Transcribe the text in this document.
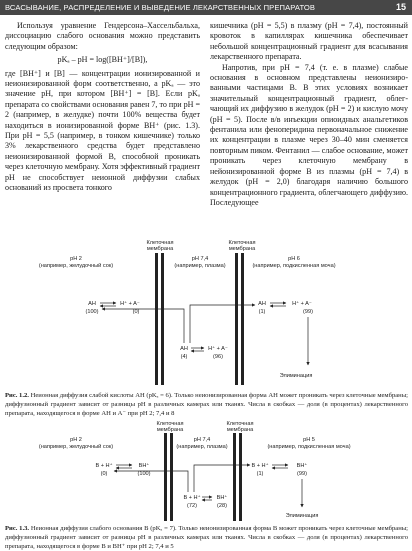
ВСАСЫВАНИЕ, РАСПРЕДЕЛЕНИЕ И ВЫВЕДЕНИЕ ЛЕКАРСТВЕННЫХ ПРЕПАРАТОВ	15

Используя уравнение Гендерсона–Хассельбальха, диссоциацию слабого основания можно представить следующим образом:

pKₐ – pH = log([BH⁺]/[B]),

где [BH⁺] и [B] — концентрации ионизированной и неионизированной форм соответственно, а pKₐ — это значение pH, при котором [BH⁺] = [B]. Если pKₐ препарата со свойствами основания равен 7, то при pH = 2 (например, в желудке) почти 100% вещества будет находиться в ионизированной форме BH⁺ (рис. 1.3). При pH = 5,5 (например, в тонком кишечнике) только 3% лекарственного средства будет представлено неионизированной формой B, способной проникать через клеточную мембрану. Хотя эффективный градиент pH не способствует неионной диффузии слабых оснований из просвета тонкого

кишечника (pH = 5,5) в плазму (pH = 7,4), постоянный кровоток в капиллярах кишечника обеспечивает небольшой концентрационный градиент для всасывания лекарственного препарата.

Напротив, при pH = 7,4 (т. е. в плазме) слабые основания в основном представлены неионизированными частицами B. В этих условиях возникает значительный концентрационный градиент, облегчающий их диффузию в желудок (pH = 2) и кислую мочу (pH = 5). После в/в инъекции опиоидных анальгетиков фентанила или феноперидина первоначальное снижение их концентрации в плазме через 30–40 мин сменяется повторным пиком. Фентанил — слабое основание, может проникать через клеточную мембрану в нейонизированной форме B из плазмы (pH = 7,4) в желудок (pH = 2,0) благодаря наличию большого концентрационного градиента, облегчающего диффузию. Последующее

Клеточная
мембрана
Клеточная
мембрана
pH 2
(например, желудочный сок)
pH 7,4
(например, плазма)
pH 6
(например, подкисленная моча)
AH
(100)
H⁺ + A⁻
(0)
AH
(4)
H⁺ + A⁻
(96)
AH
(1)
H⁺ + A⁻
(99)
Элиминация
Рис. 1.2. Неионная диффузия слабой кислоты AH (pKₐ = 6). Только неионизированная форма AH может проникать через клеточные мембраны; диффузионный градиент зависит от разницы pH в различных камерах или тканях. Числа в скобках — доля (в процентах) лекарственного препарата, находящегося в форме AH и A⁻ при pH 2; 7,4 и 8
Клеточная
мембрана
Клеточная
мембрана
pH 2
(например, желудочный сок)
pH 7,4
(например, плазма)
pH 5
(например, подкисленная моча)
B + H⁺
(0)
BH⁺
(100)
B + H⁺
(72)
BH⁺
(28)
B + H⁺
(1)
BH⁺
(99)
Элиминация
Рис. 1.3. Неионная диффузия слабого основания B (pKₐ = 7). Только неионизированная форма B может проникать через клеточные мембраны; диффузионный градиент зависит от разницы pH в различных камерах или тканях. Числа в скобках — доля (в процентах) лекарственного препарата, находящегося в форме B и BH⁺ при pH 2; 7,4 и 5
